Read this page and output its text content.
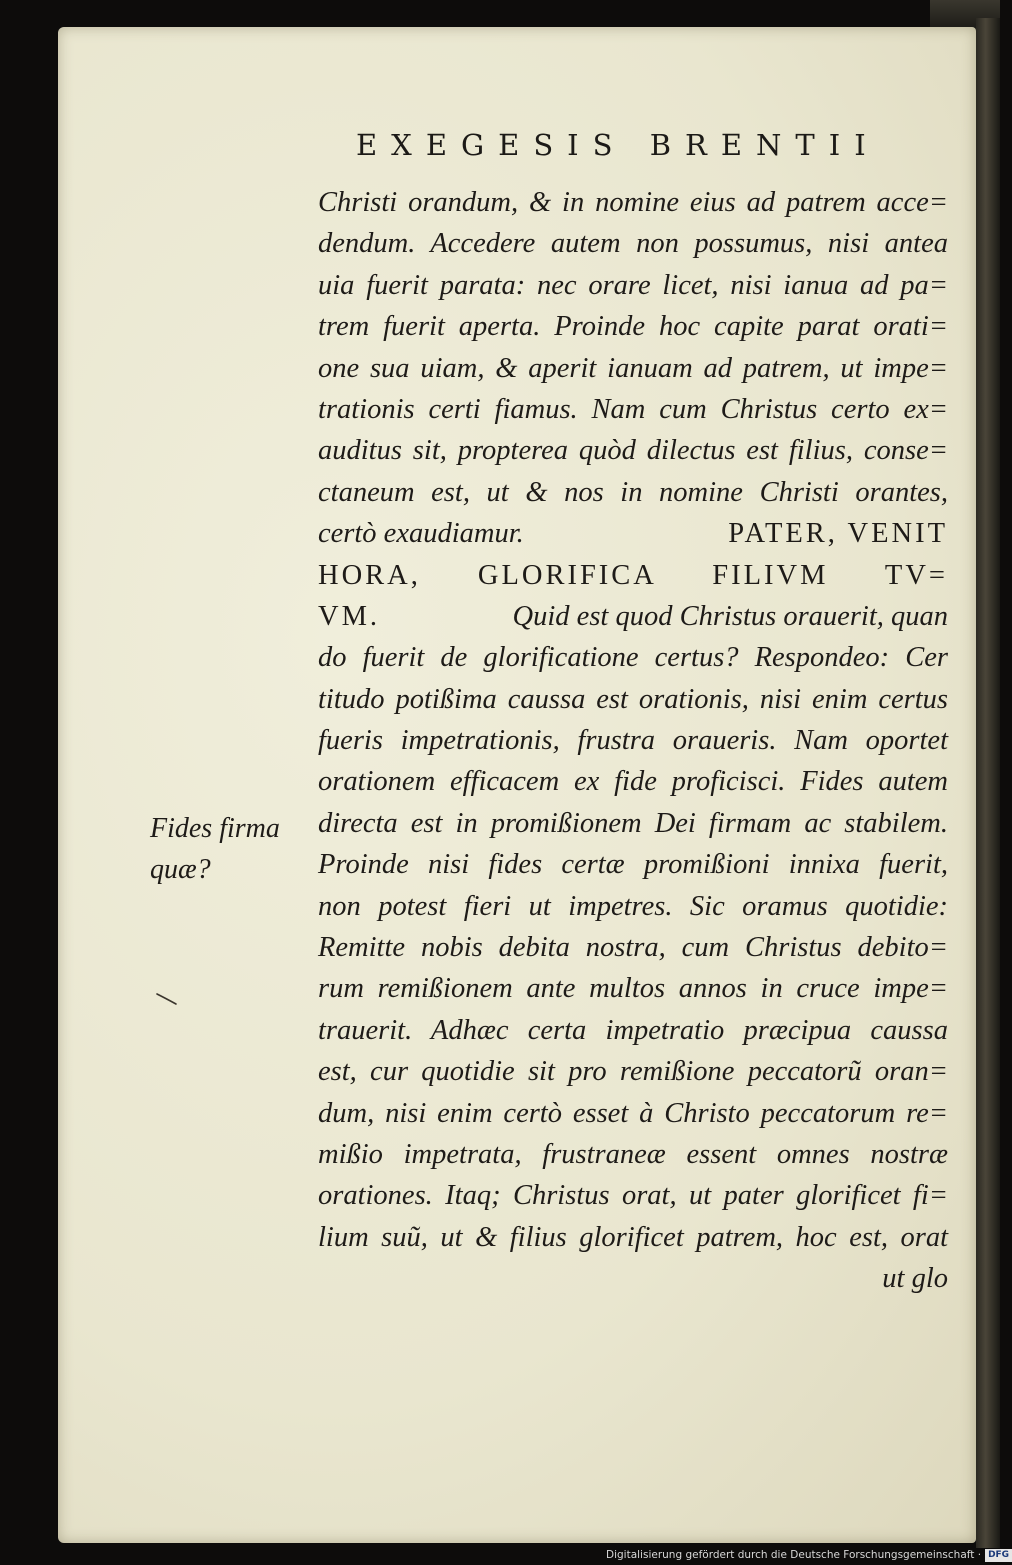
EXEGESIS BRENTII
Christi orandum, & in nomine eius ad patrem acce=
dendum. Accedere autem non possumus, nisi antea
uia fuerit parata: nec orare licet, nisi ianua ad pa=
trem fuerit aperta. Proinde hoc capite parat orati=
one sua uiam, & aperit ianuam ad patrem, ut impe=
trationis certi fiamus. Nam cum Christus certo ex=
auditus sit, propterea quòd dilectus est filius, conse=
ctaneum est, ut & nos in nomine Christi orantes,
certò exaudiamur.	PATER, VENIT
HORA, GLORIFICA FILIVM TV=
VM.	Quid est quod Christus orauerit, quan
do fuerit de glorificatione certus? Respondeo: Cer
titudo potißima caussa est orationis, nisi enim certus
fueris impetrationis, frustra oraueris. Nam oportet
orationem efficacem ex fide proficisci. Fides autem
directa est in promißionem Dei firmam ac stabilem.
Proinde nisi fides certæ promißioni innixa fuerit,
non potest fieri ut impetres. Sic oramus quotidie:
Remitte nobis debita nostra, cum Christus debito=
rum remißionem ante multos annos in cruce impe=
trauerit. Adhæc certa impetratio præcipua caussa
est, cur quotidie sit pro remißione peccatorũ oran=
dum, nisi enim certò esset à Christo peccatorum re=
mißio impetrata, frustraneæ essent omnes nostræ
orationes. Itaq; Christus orat, ut pater glorificet fi=
lium suũ, ut & filius glorificet patrem, hoc est, orat
ut glo
Fides firma
quæ?
Digitalisierung gefördert durch die Deutsche Forschungsgemeinschaft · DFG
